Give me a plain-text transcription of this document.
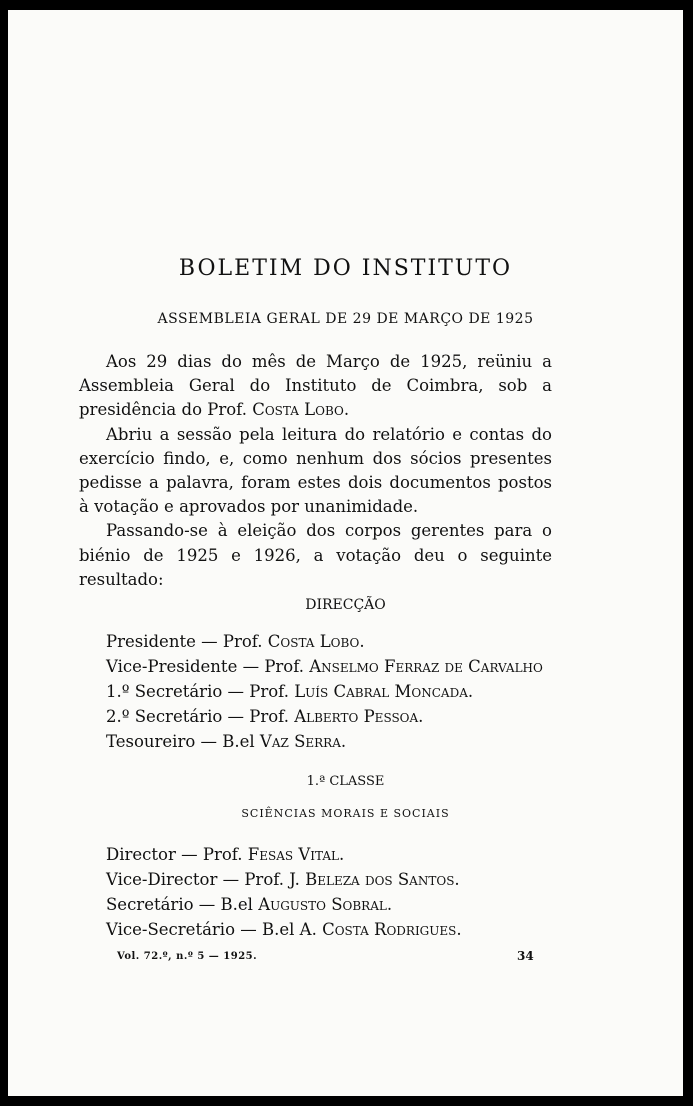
BOLETIM DO INSTITUTO
ASSEMBLEIA GERAL DE 29 DE MARÇO DE 1925

Aos 29 dias do mês de Março de 1925, reüniu a Assembleia Geral do Instituto de Coimbra, sob a presidência do Prof. Costa Lobo.

Abriu a sessão pela leitura do relatório e contas do exercício findo, e, como nenhum dos sócios presentes pedisse a palavra, foram estes dois documentos postos à votação e aprovados por unanimidade.

Passando-se à eleição dos corpos gerentes para o biénio de 1925 e 1926, a votação deu o seguinte resultado:

DIRECÇÃO
Presidente — Prof. Costa Lobo.
Vice-Presidente — Prof. Anselmo Ferraz de Carvalho
1.º Secretário — Prof. Luís Cabral Moncada.
2.º Secretário — Prof. Alberto Pessoa.
Tesoureiro — B.el Vaz Serra.
1.ª CLASSE
SCIÊNCIAS MORAIS E SOCIAIS
Director — Prof. Fesas Vital.
Vice-Director — Prof. J. Beleza dos Santos.
Secretário — B.el Augusto Sobral.
Vice-Secretário — B.el A. Costa Rodrigues.
Vol. 72.º, n.º 5 — 1925.	34
